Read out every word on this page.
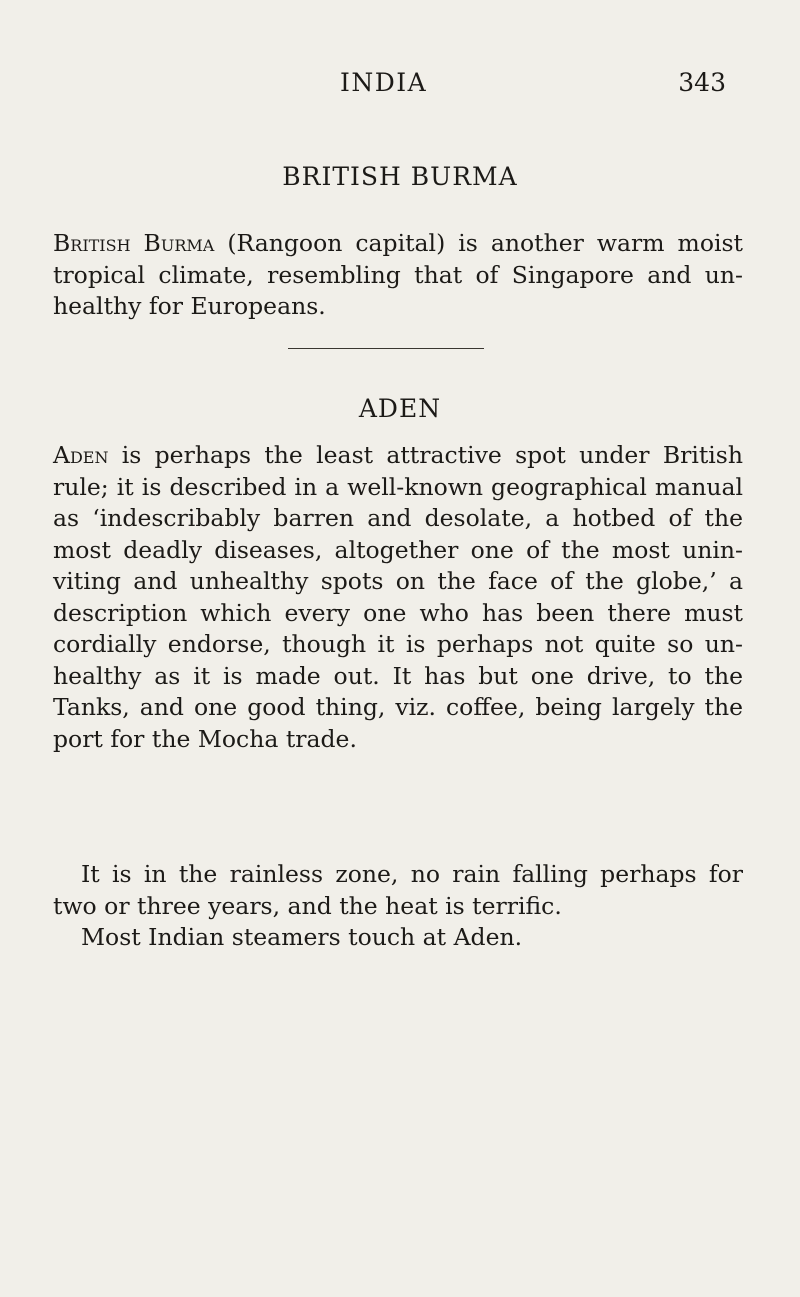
INDIA	343
BRITISH BURMA

British Burma (Rangoon capital) is another warm moist tropical climate, resembling that of Singapore and un-healthy for Europeans.

ADEN

Aden is perhaps the least attractive spot under British rule; it is described in a well-known geographical manual as ‘indescribably barren and desolate, a hotbed of the most deadly diseases, altogether one of the most unin-viting and unhealthy spots on the face of the globe,’ a description which every one who has been there must cordially endorse, though it is perhaps not quite so un-healthy as it is made out. It has but one drive, to the Tanks, and one good thing, viz. coffee, being largely the port for the Mocha trade.

It is in the rainless zone, no rain falling perhaps for two or three years, and the heat is terrific.

Most Indian steamers touch at Aden.
